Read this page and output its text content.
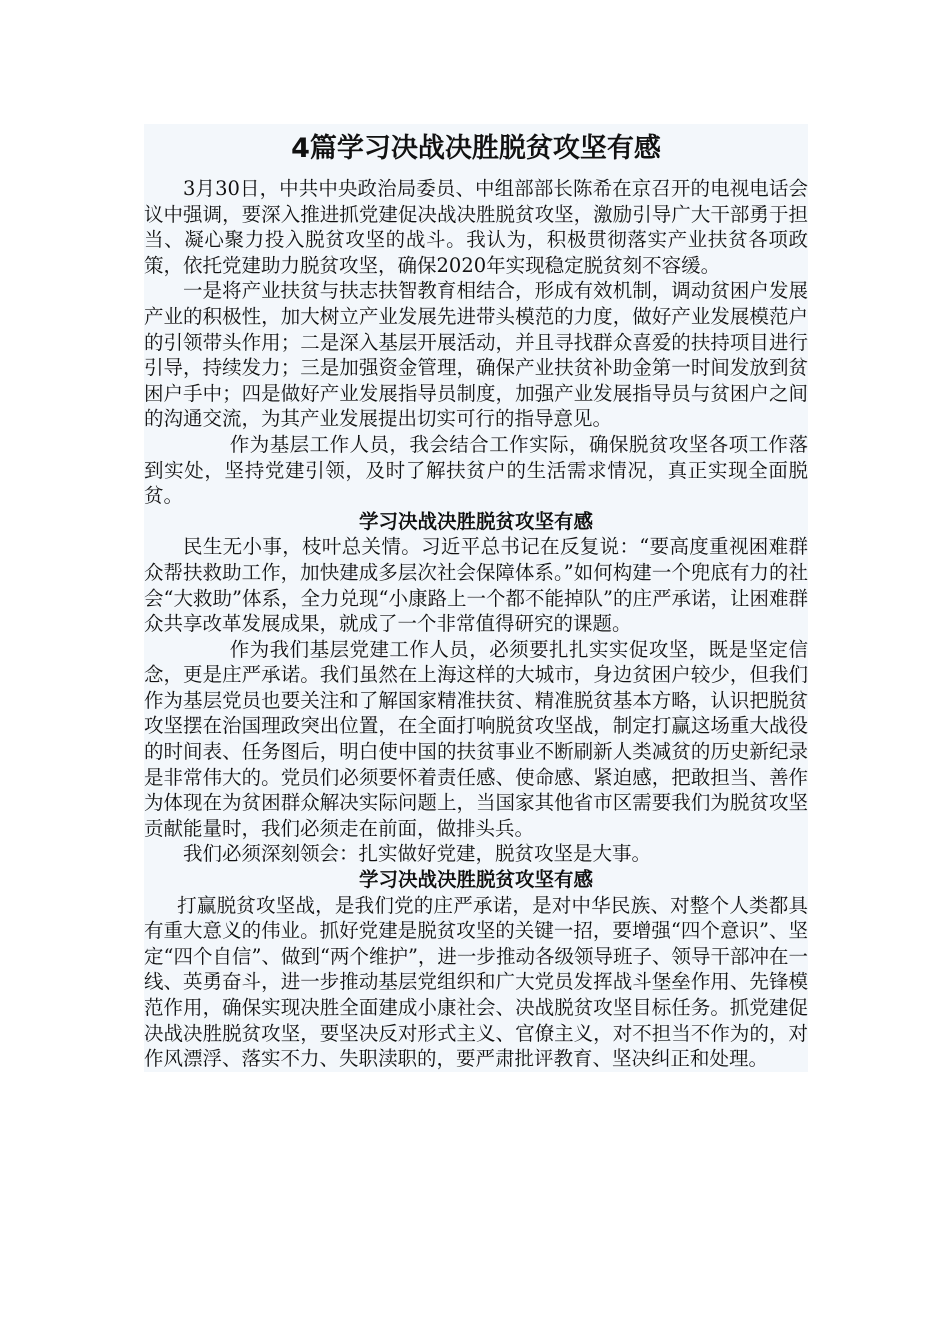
4篇学习决战决胜脱贫攻坚有感

3月30日，中共中央政治局委员、中组部部长陈希在京召开的电视电话会议中强调，要深入推进抓党建促决战决胜脱贫攻坚，激励引导广大干部勇于担当、凝心聚力投入脱贫攻坚的战斗。我认为，积极贯彻落实产业扶贫各项政策，依托党建助力脱贫攻坚，确保2020年实现稳定脱贫刻不容缓。

一是将产业扶贫与扶志扶智教育相结合，形成有效机制，调动贫困户发展产业的积极性，加大树立产业发展先进带头模范的力度，做好产业发展模范户的引领带头作用；二是深入基层开展活动，并且寻找群众喜爱的扶持项目进行引导，持续发力；三是加强资金管理，确保产业扶贫补助金第一时间发放到贫困户手中；四是做好产业发展指导员制度，加强产业发展指导员与贫困户之间的沟通交流，为其产业发展提出切实可行的指导意见。

作为基层工作人员，我会结合工作实际，确保脱贫攻坚各项工作落到实处，坚持党建引领，及时了解扶贫户的生活需求情况，真正实现全面脱贫。

学习决战决胜脱贫攻坚有感

民生无小事，枝叶总关情。习近平总书记在反复说：“要高度重视困难群众帮扶救助工作，加快建成多层次社会保障体系。”如何构建一个兜底有力的社会“大救助”体系，全力兑现“小康路上一个都不能掉队”的庄严承诺，让困难群众共享改革发展成果，就成了一个非常值得研究的课题。

作为我们基层党建工作人员，必须要扎扎实实促攻坚，既是坚定信念，更是庄严承诺。我们虽然在上海这样的大城市，身边贫困户较少，但我们作为基层党员也要关注和了解国家精准扶贫、精准脱贫基本方略，认识把脱贫攻坚摆在治国理政突出位置，在全面打响脱贫攻坚战，制定打赢这场重大战役的时间表、任务图后，明白使中国的扶贫事业不断刷新人类减贫的历史新纪录是非常伟大的。党员们必须要怀着责任感、使命感、紧迫感，把敢担当、善作为体现在为贫困群众解决实际问题上，当国家其他省市区需要我们为脱贫攻坚贡献能量时，我们必须走在前面，做排头兵。

我们必须深刻领会：扎实做好党建，脱贫攻坚是大事。

学习决战决胜脱贫攻坚有感

打赢脱贫攻坚战，是我们党的庄严承诺，是对中华民族、对整个人类都具有重大意义的伟业。抓好党建是脱贫攻坚的关键一招，要增强“四个意识”、坚定“四个自信”、做到“两个维护”，进一步推动各级领导班子、领导干部冲在一线、英勇奋斗，进一步推动基层党组织和广大党员发挥战斗堡垒作用、先锋模范作用，确保实现决胜全面建成小康社会、决战脱贫攻坚目标任务。抓党建促决战决胜脱贫攻坚，要坚决反对形式主义、官僚主义，对不担当不作为的，对作风漂浮、落实不力、失职渎职的，要严肃批评教育、坚决纠正和处理。
